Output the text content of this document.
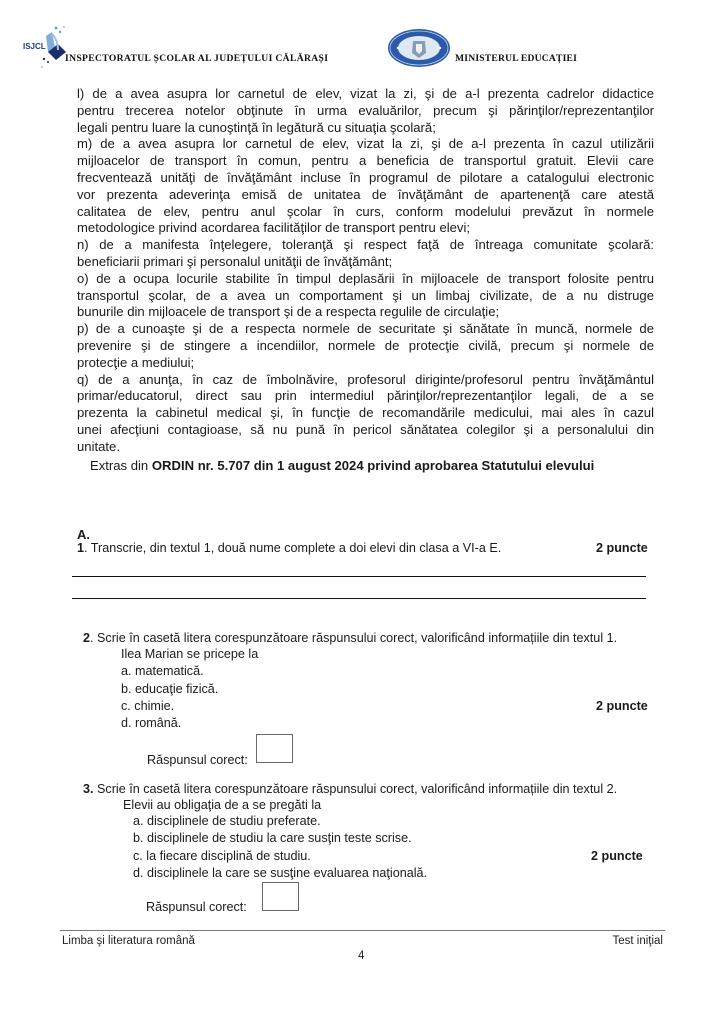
ISJCL
INSPECTORATUL ȘCOLAR AL JUDEȚULUI CĂLĂRAȘI	MINISTERUL EDUCAȚIEI
l) de a avea asupra lor carnetul de elev, vizat la zi, şi de a-l prezenta cadrelor didactice
pentru trecerea notelor obţinute în urma evaluărilor, precum şi părinţilor/reprezentanţilor
legali pentru luare la cunoştinţă în legătură cu situaţia şcolară;
m) de a avea asupra lor carnetul de elev, vizat la zi, şi de a-l prezenta în cazul utilizării
mijloacelor de transport în comun, pentru a beneficia de transportul gratuit. Elevii care
frecventează unităţi de învăţământ incluse în programul de pilotare a catalogului electronic
vor prezenta adeverinţa emisă de unitatea de învăţământ de apartenenţă care atestă
calitatea de elev, pentru anul şcolar în curs, conform modelului prevăzut în normele
metodologice privind acordarea facilităţilor de transport pentru elevi;
n) de a manifesta înţelegere, toleranţă şi respect faţă de întreaga comunitate şcolară:
beneficiarii primari şi personalul unităţii de învăţământ;
o) de a ocupa locurile stabilite în timpul deplasării în mijloacele de transport folosite pentru
transportul şcolar, de a avea un comportament şi un limbaj civilizate, de a nu distruge
bunurile din mijloacele de transport şi de a respecta regulile de circulaţie;
p) de a cunoaşte şi de a respecta normele de securitate şi sănătate în muncă, normele de
prevenire şi de stingere a incendiilor, normele de protecţie civilă, precum şi normele de
protecţie a mediului;
q) de a anunţa, în caz de îmbolnăvire, profesorul diriginte/profesorul pentru învăţământul
primar/educatorul, direct sau prin intermediul părinţilor/reprezentanţilor legali, de a se
prezenta la cabinetul medical şi, în funcţie de recomandările medicului, mai ales în cazul
unei afecţiuni contagioase, să nu pună în pericol sănătatea colegilor şi a personalului din
unitate.
Extras din ORDIN nr. 5.707 din 1 august 2024 privind aprobarea Statutului elevului
A.
1. Transcrie, din textul 1, două nume complete a doi elevi din clasa a VI-a E.	2 puncte
2. Scrie în casetă litera corespunzătoare răspunsului corect, valorificând informațiile din textul 1.
Ilea Marian se pricepe la
a. matematică.
b. educaţie fizică.
c. chimie.
d. română.
2 puncte
Răspunsul corect:
3. Scrie în casetă litera corespunzătoare răspunsului corect, valorificând informațiile din textul 2.
Elevii au obligaţia de a se pregăti la
a. disciplinele de studiu preferate.
b. disciplinele de studiu la care susţin teste scrise.
c. la fiecare disciplină de studiu.
d. disciplinele la care se susţine evaluarea naţională.
2 puncte
Răspunsul corect:
Limba şi literatura română	Test iniţial
4
